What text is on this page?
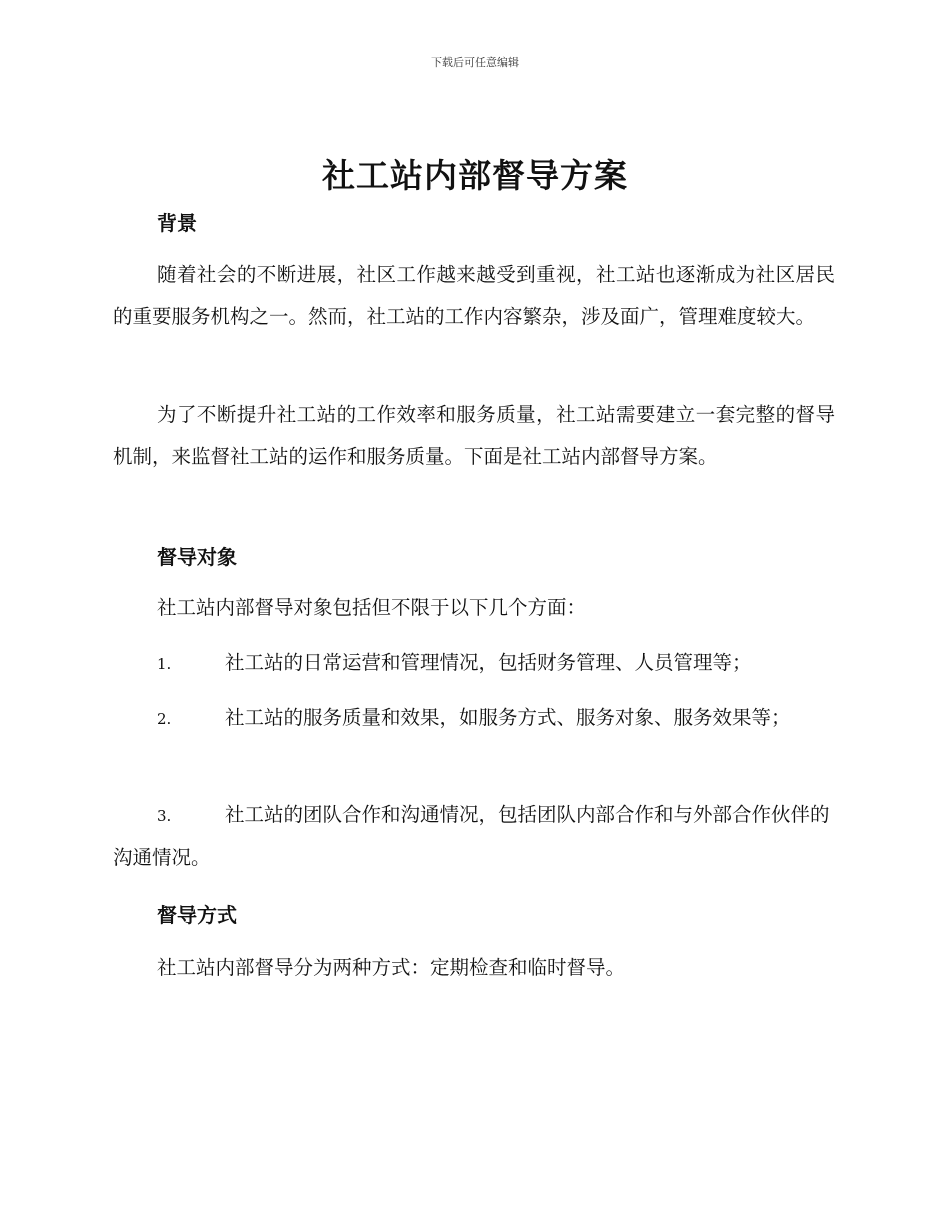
下载后可任意编辑
社工站内部督导方案
背景
随着社会的不断进展，社区工作越来越受到重视，社工站也逐渐成为社区居民的重要服务机构之一。然而，社工站的工作内容繁杂，涉及面广，管理难度较大。
为了不断提升社工站的工作效率和服务质量，社工站需要建立一套完整的督导机制，来监督社工站的运作和服务质量。下面是社工站内部督导方案。
督导对象
社工站内部督导对象包括但不限于以下几个方面：
1.	社工站的日常运营和管理情况，包括财务管理、人员管理等；
2.	社工站的服务质量和效果，如服务方式、服务对象、服务效果等；
3.	社工站的团队合作和沟通情况，包括团队内部合作和与外部合作伙伴的沟通情况。
督导方式
社工站内部督导分为两种方式：定期检查和临时督导。
